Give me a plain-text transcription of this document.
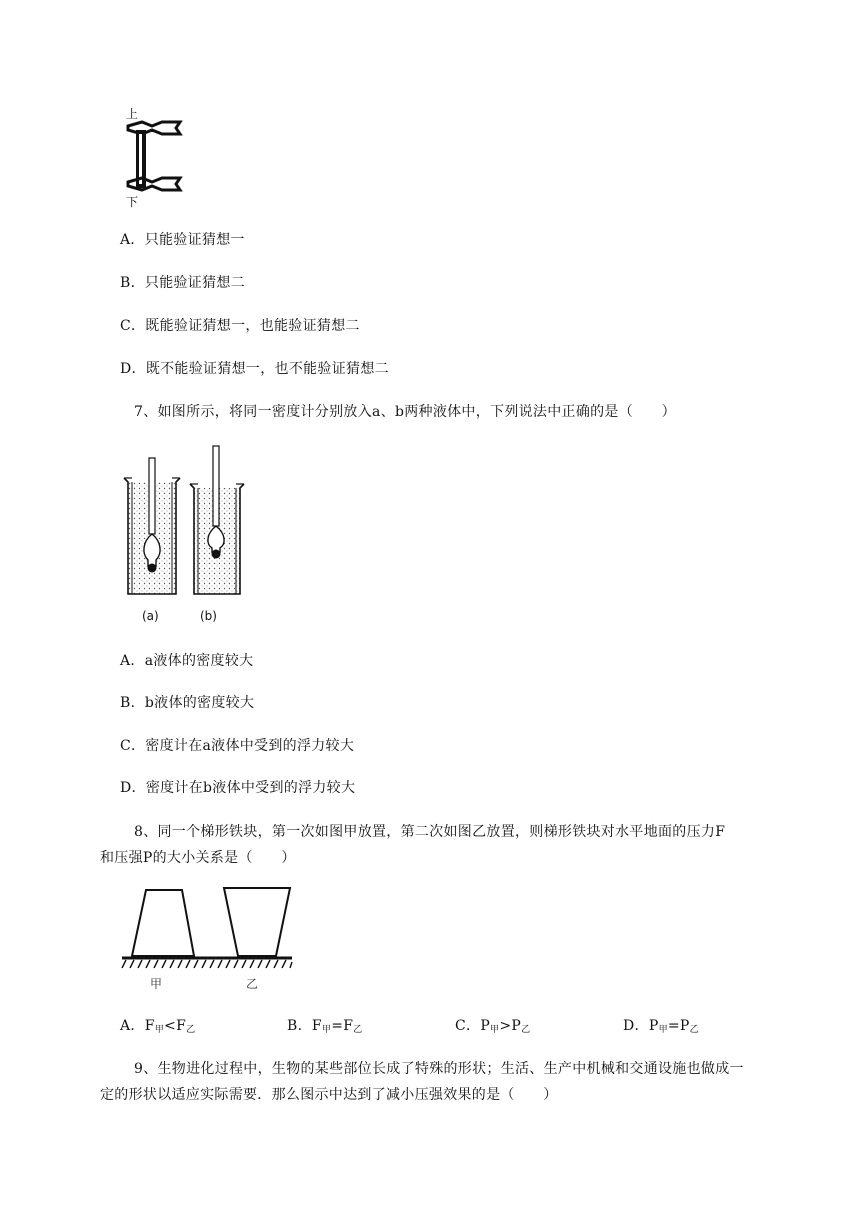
上
下
A．只能验证猜想一
B．只能验证猜想二
C．既能验证猜想一，也能验证猜想二
D．既不能验证猜想一，也不能验证猜想二
7、如图所示，将同一密度计分别放入a、b两种液体中，下列说法中正确的是（　　）
(a)	(b)
A．a液体的密度较大
B．b液体的密度较大
C．密度计在a液体中受到的浮力较大
D．密度计在b液体中受到的浮力较大
8、同一个梯形铁块，第一次如图甲放置，第二次如图乙放置，则梯形铁块对水平地面的压力F
和压强P的大小关系是（　　）
甲	乙
A．$F_甲<F_乙$	B．$F_甲=F_乙$	C．$P_甲>P_乙$	D．$P_甲=P_乙$
9、生物进化过程中，生物的某些部位长成了特殊的形状；生活、生产中机械和交通设施也做成一
定的形状以适应实际需要．那么图示中达到了减小压强效果的是（　　）
